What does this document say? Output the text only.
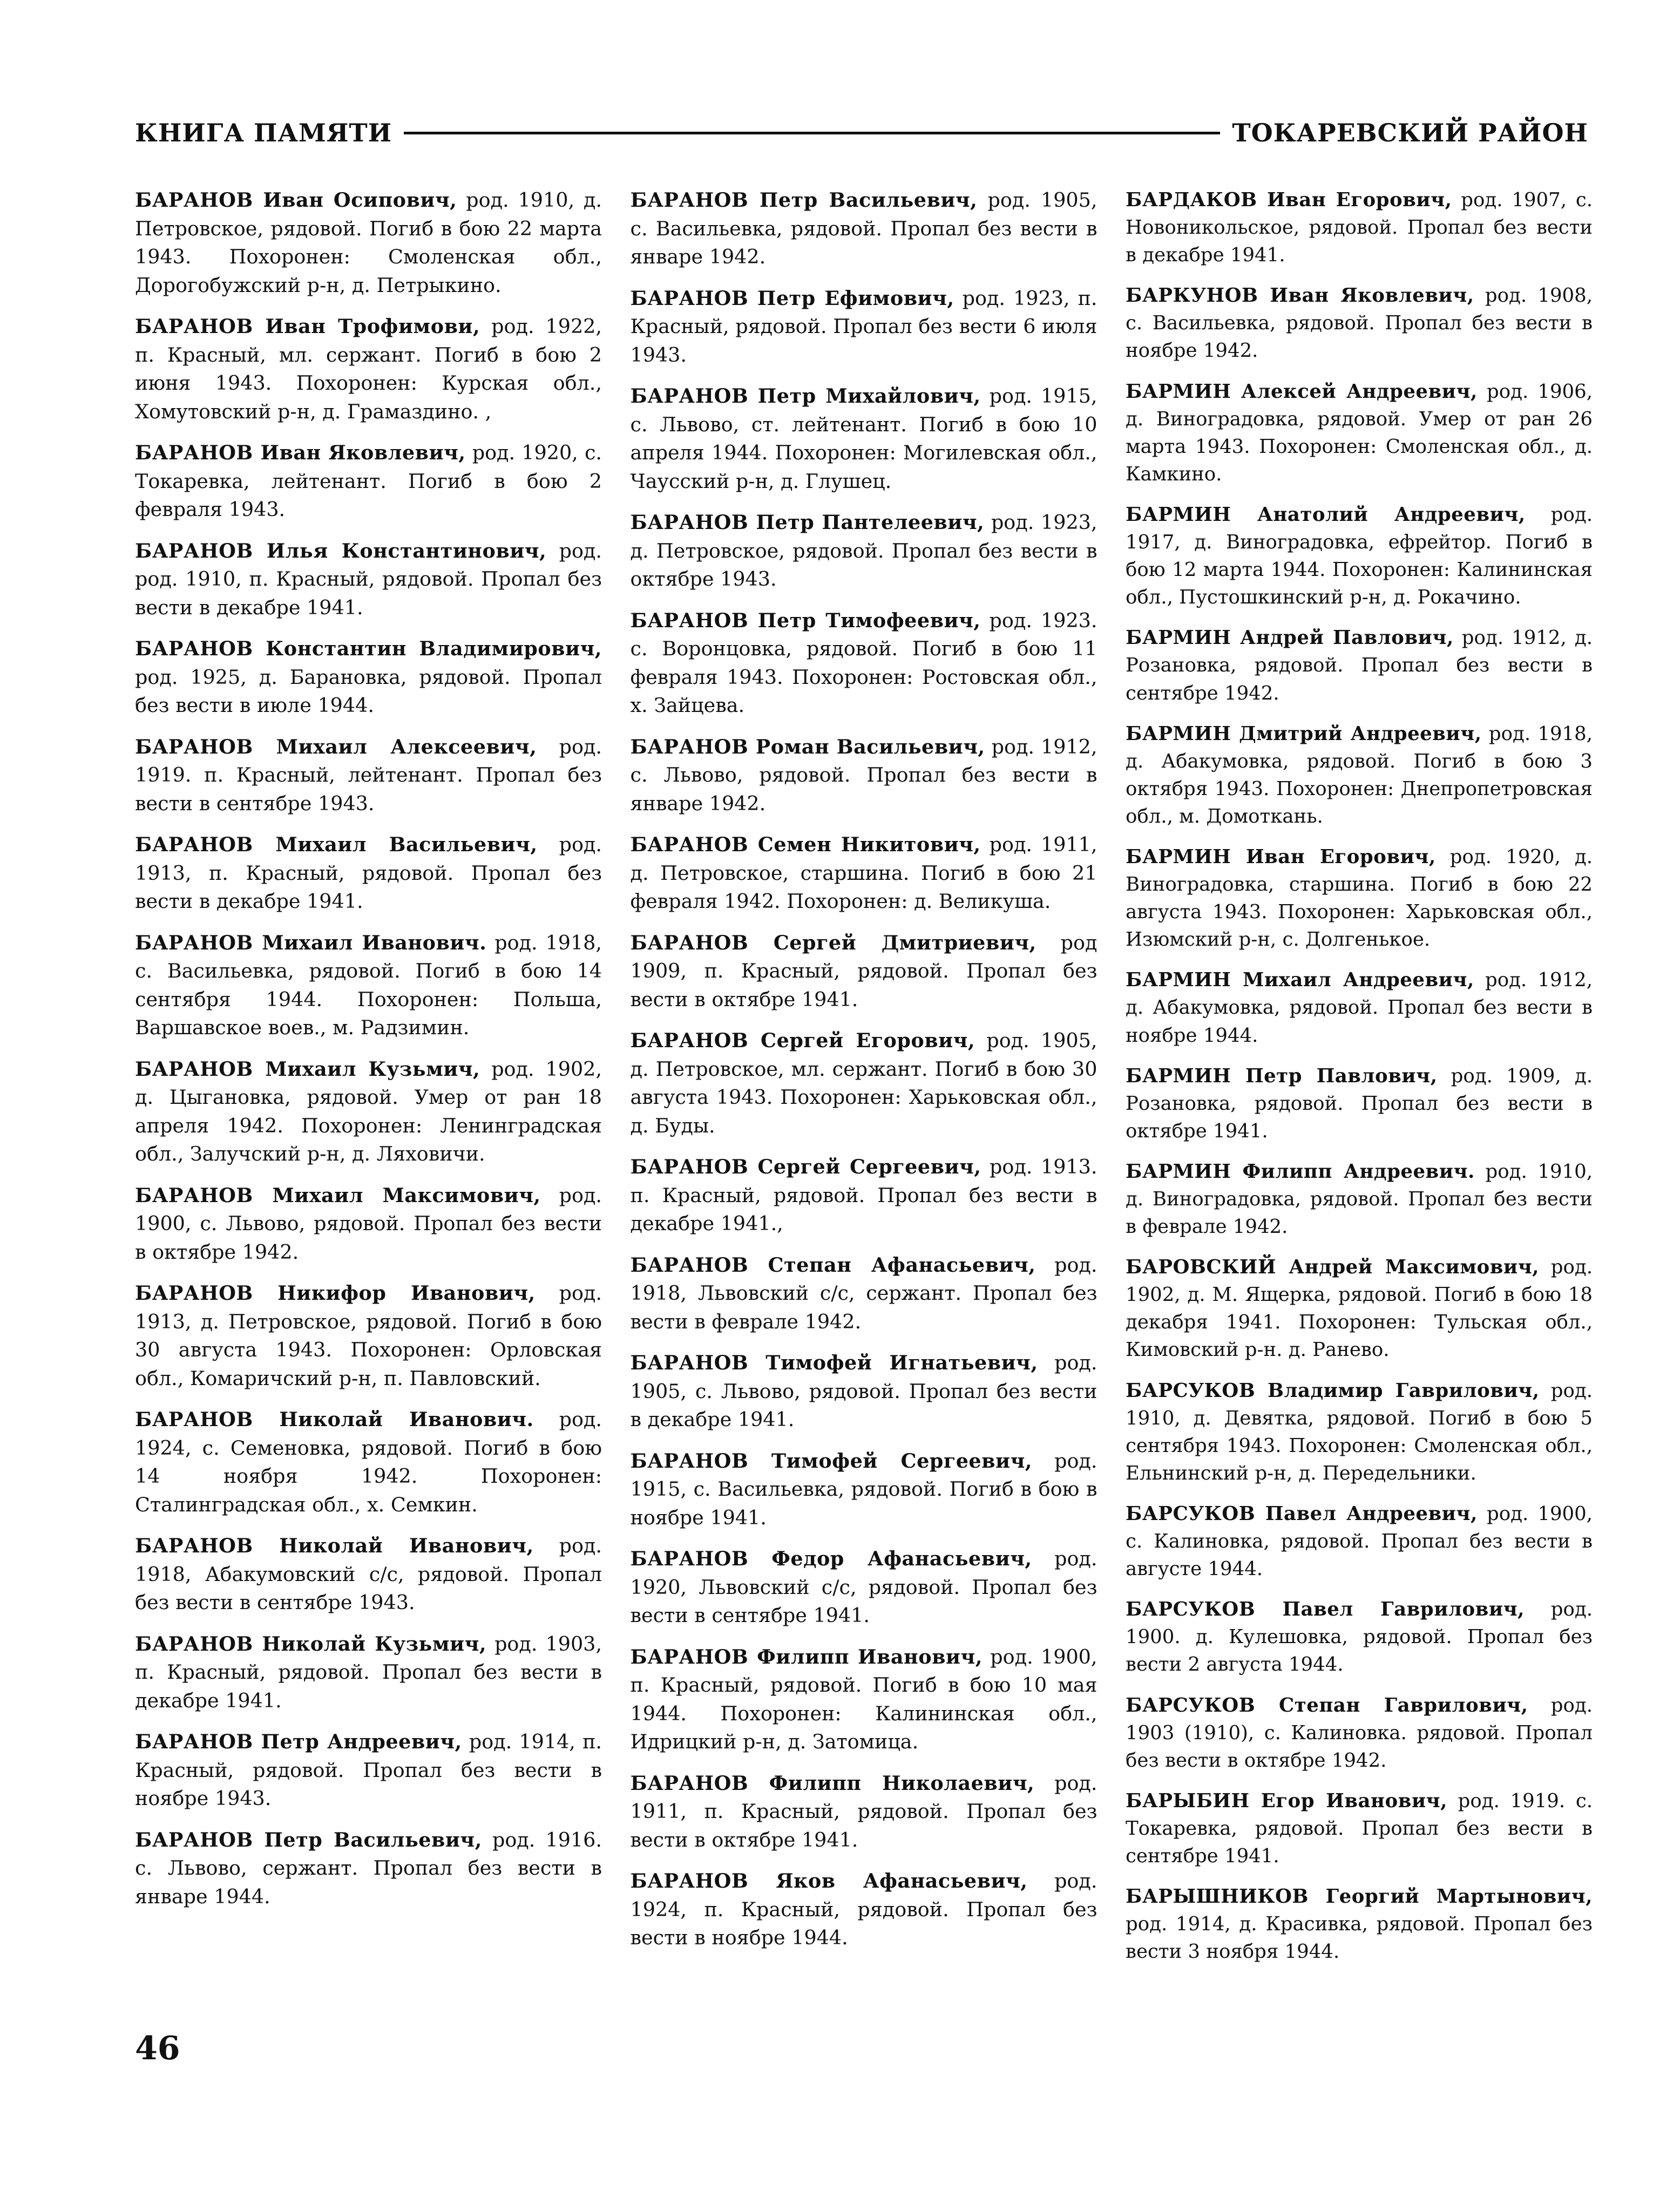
КНИГА ПАМЯТИ	ТОКАРЕВСКИЙ РАЙОН

БАРАНОВ Иван Осипович, род. 1910, д. Петровское, рядовой. Погиб в бою 22 марта 1943. Похоронен: Смоленская обл., Дорогобужский р-н, д. Петрыкино.

БАРАНОВ Иван Трофимови, род. 1922, п. Красный, мл. сержант. Погиб в бою 2 июня 1943. Похоронен: Курская обл., Хомутовский р-н, д. Грамаздино. ,

БАРАНОВ Иван Яковлевич, род. 1920, с. Токаревка, лейтенант. Погиб в бою 2 февраля 1943.

БАРАНОВ Илья Константинович, род. род. 1910, п. Красный, рядовой. Пропал без вести в декабре 1941.

БАРАНОВ Константин Владимирович, род. 1925, д. Барановка, рядовой. Пропал без вести в июле 1944.

БАРАНОВ Михаил Алексеевич, род. 1919. п. Красный, лейтенант. Пропал без вести в сентябре 1943.

БАРАНОВ Михаил Васильевич, род. 1913, п. Красный, рядовой. Пропал без вести в декабре 1941.

БАРАНОВ Михаил Иванович. род. 1918, с. Васильевка, рядовой. Погиб в бою 14 сентября 1944. Похоронен: Польша, Варшавское воев., м. Радзимин.

БАРАНОВ Михаил Кузьмич, род. 1902, д. Цыгановка, рядовой. Умер от ран 18 апреля 1942. Похоронен: Ленинградская обл., Залучский р-н, д. Ляховичи.

БАРАНОВ Михаил Максимович, род. 1900, с. Львово, рядовой. Пропал без вести в октябре 1942.

БАРАНОВ Никифор Иванович, род. 1913, д. Петровское, рядовой. Погиб в бою 30 августа 1943. Похоронен: Орловская обл., Комаричский р-н, п. Павловский.

БАРАНОВ Николай Иванович. род. 1924, с. Семеновка, рядовой. Погиб в бою 14 ноября 1942. Похоронен: Сталинградская обл., х. Семкин.

БАРАНОВ Николай Иванович, род. 1918, Абакумовский с/с, рядовой. Пропал без вести в сентябре 1943.

БАРАНОВ Николай Кузьмич, род. 1903, п. Красный, рядовой. Пропал без вести в декабре 1941.

БАРАНОВ Петр Андреевич, род. 1914, п. Красный, рядовой. Пропал без вести в ноябре 1943.

БАРАНОВ Петр Васильевич, род. 1916. с. Львово, сержант. Пропал без вести в январе 1944.

БАРАНОВ Петр Васильевич, род. 1905, с. Васильевка, рядовой. Пропал без вести в январе 1942.

БАРАНОВ Петр Ефимович, род. 1923, п. Красный, рядовой. Пропал без вести 6 июля 1943.

БАРАНОВ Петр Михайлович, род. 1915, с. Львово, ст. лейтенант. Погиб в бою 10 апреля 1944. Похоронен: Могилевская обл., Чаусский р-н, д. Глушец.

БАРАНОВ Петр Пантелеевич, род. 1923, д. Петровское, рядовой. Пропал без вести в октябре 1943.

БАРАНОВ Петр Тимофеевич, род. 1923. с. Воронцовка, рядовой. Погиб в бою 11 февраля 1943. Похоронен: Ростовская обл., х. Зайцева.

БАРАНОВ Роман Васильевич, род. 1912, с. Львово, рядовой. Пропал без вести в январе 1942.

БАРАНОВ Семен Никитович, род. 1911, д. Петровское, старшина. Погиб в бою 21 февраля 1942. Похоронен: д. Великуша.

БАРАНОВ Сергей Дмитриевич, род 1909, п. Красный, рядовой. Пропал без вести в октябре 1941.

БАРАНОВ Сергей Егорович, род. 1905, д. Петровское, мл. сержант. Погиб в бою 30 августа 1943. Похоронен: Харьковская обл., д. Буды.

БАРАНОВ Сергей Сергеевич, род. 1913. п. Красный, рядовой. Пропал без вести в декабре 1941.,

БАРАНОВ Степан Афанасьевич, род. 1918, Львовский с/с, сержант. Пропал без вести в феврале 1942.

БАРАНОВ Тимофей Игнатьевич, род. 1905, с. Львово, рядовой. Пропал без вести в декабре 1941.

БАРАНОВ Тимофей Сергеевич, род. 1915, с. Васильевка, рядовой. Погиб в бою в ноябре 1941.

БАРАНОВ Федор Афанасьевич, род. 1920, Львовский с/с, рядовой. Пропал без вести в сентябре 1941.

БАРАНОВ Филипп Иванович, род. 1900, п. Красный, рядовой. Погиб в бою 10 мая 1944. Похоронен: Калининская обл., Идрицкий р-н, д. Затомица.

БАРАНОВ Филипп Николаевич, род. 1911, п. Красный, рядовой. Пропал без вести в октябре 1941.

БАРАНОВ Яков Афанасьевич, род. 1924, п. Красный, рядовой. Пропал без вести в ноябре 1944.

БАРДАКОВ Иван Егорович, род. 1907, с. Новоникольское, рядовой. Пропал без вести в декабре 1941.

БАРКУНОВ Иван Яковлевич, род. 1908, с. Васильевка, рядовой. Пропал без вести в ноябре 1942.

БАРМИН Алексей Андреевич, род. 1906, д. Виноградовка, рядовой. Умер от ран 26 марта 1943. Похоронен: Смоленская обл., д. Камкино.

БАРМИН Анатолий Андреевич, род. 1917, д. Виноградовка, ефрейтор. Погиб в бою 12 марта 1944. Похоронен: Калининская обл., Пустошкинский р-н, д. Рокачино.

БАРМИН Андрей Павлович, род. 1912, д. Розановка, рядовой. Пропал без вести в сентябре 1942.

БАРМИН Дмитрий Андреевич, род. 1918, д. Абакумовка, рядовой. Погиб в бою 3 октября 1943. Похоронен: Днепропетровская обл., м. Домоткань.

БАРМИН Иван Егорович, род. 1920, д. Виноградовка, старшина. Погиб в бою 22 августа 1943. Похоронен: Харьковская обл., Изюмский р-н, с. Долгенькое.

БАРМИН Михаил Андреевич, род. 1912, д. Абакумовка, рядовой. Пропал без вести в ноябре 1944.

БАРМИН Петр Павлович, род. 1909, д. Розановка, рядовой. Пропал без вести в октябре 1941.

БАРМИН Филипп Андреевич. род. 1910, д. Виноградовка, рядовой. Пропал без вести в феврале 1942.

БАРОВСКИЙ Андрей Максимович, род. 1902, д. М. Ящерка, рядовой. Погиб в бою 18 декабря 1941. Похоронен: Тульская обл., Кимовский р-н. д. Ранево.

БАРСУКОВ Владимир Гаврилович, род. 1910, д. Девятка, рядовой. Погиб в бою 5 сентября 1943. Похоронен: Смоленская обл., Ельнинский р-н, д. Передельники.

БАРСУКОВ Павел Андреевич, род. 1900, с. Калиновка, рядовой. Пропал без вести в августе 1944.

БАРСУКОВ Павел Гаврилович, род. 1900. д. Кулешовка, рядовой. Пропал без вести 2 августа 1944.

БАРСУКОВ Степан Гаврилович, род. 1903 (1910), с. Калиновка. рядовой. Пропал без вести в октябре 1942.

БАРЫБИН Егор Иванович, род. 1919. с. Токаревка, рядовой. Пропал без вести в сентябре 1941.

БАРЫШНИКОВ Георгий Мартынович, род. 1914, д. Красивка, рядовой. Пропал без вести 3 ноября 1944.

46
